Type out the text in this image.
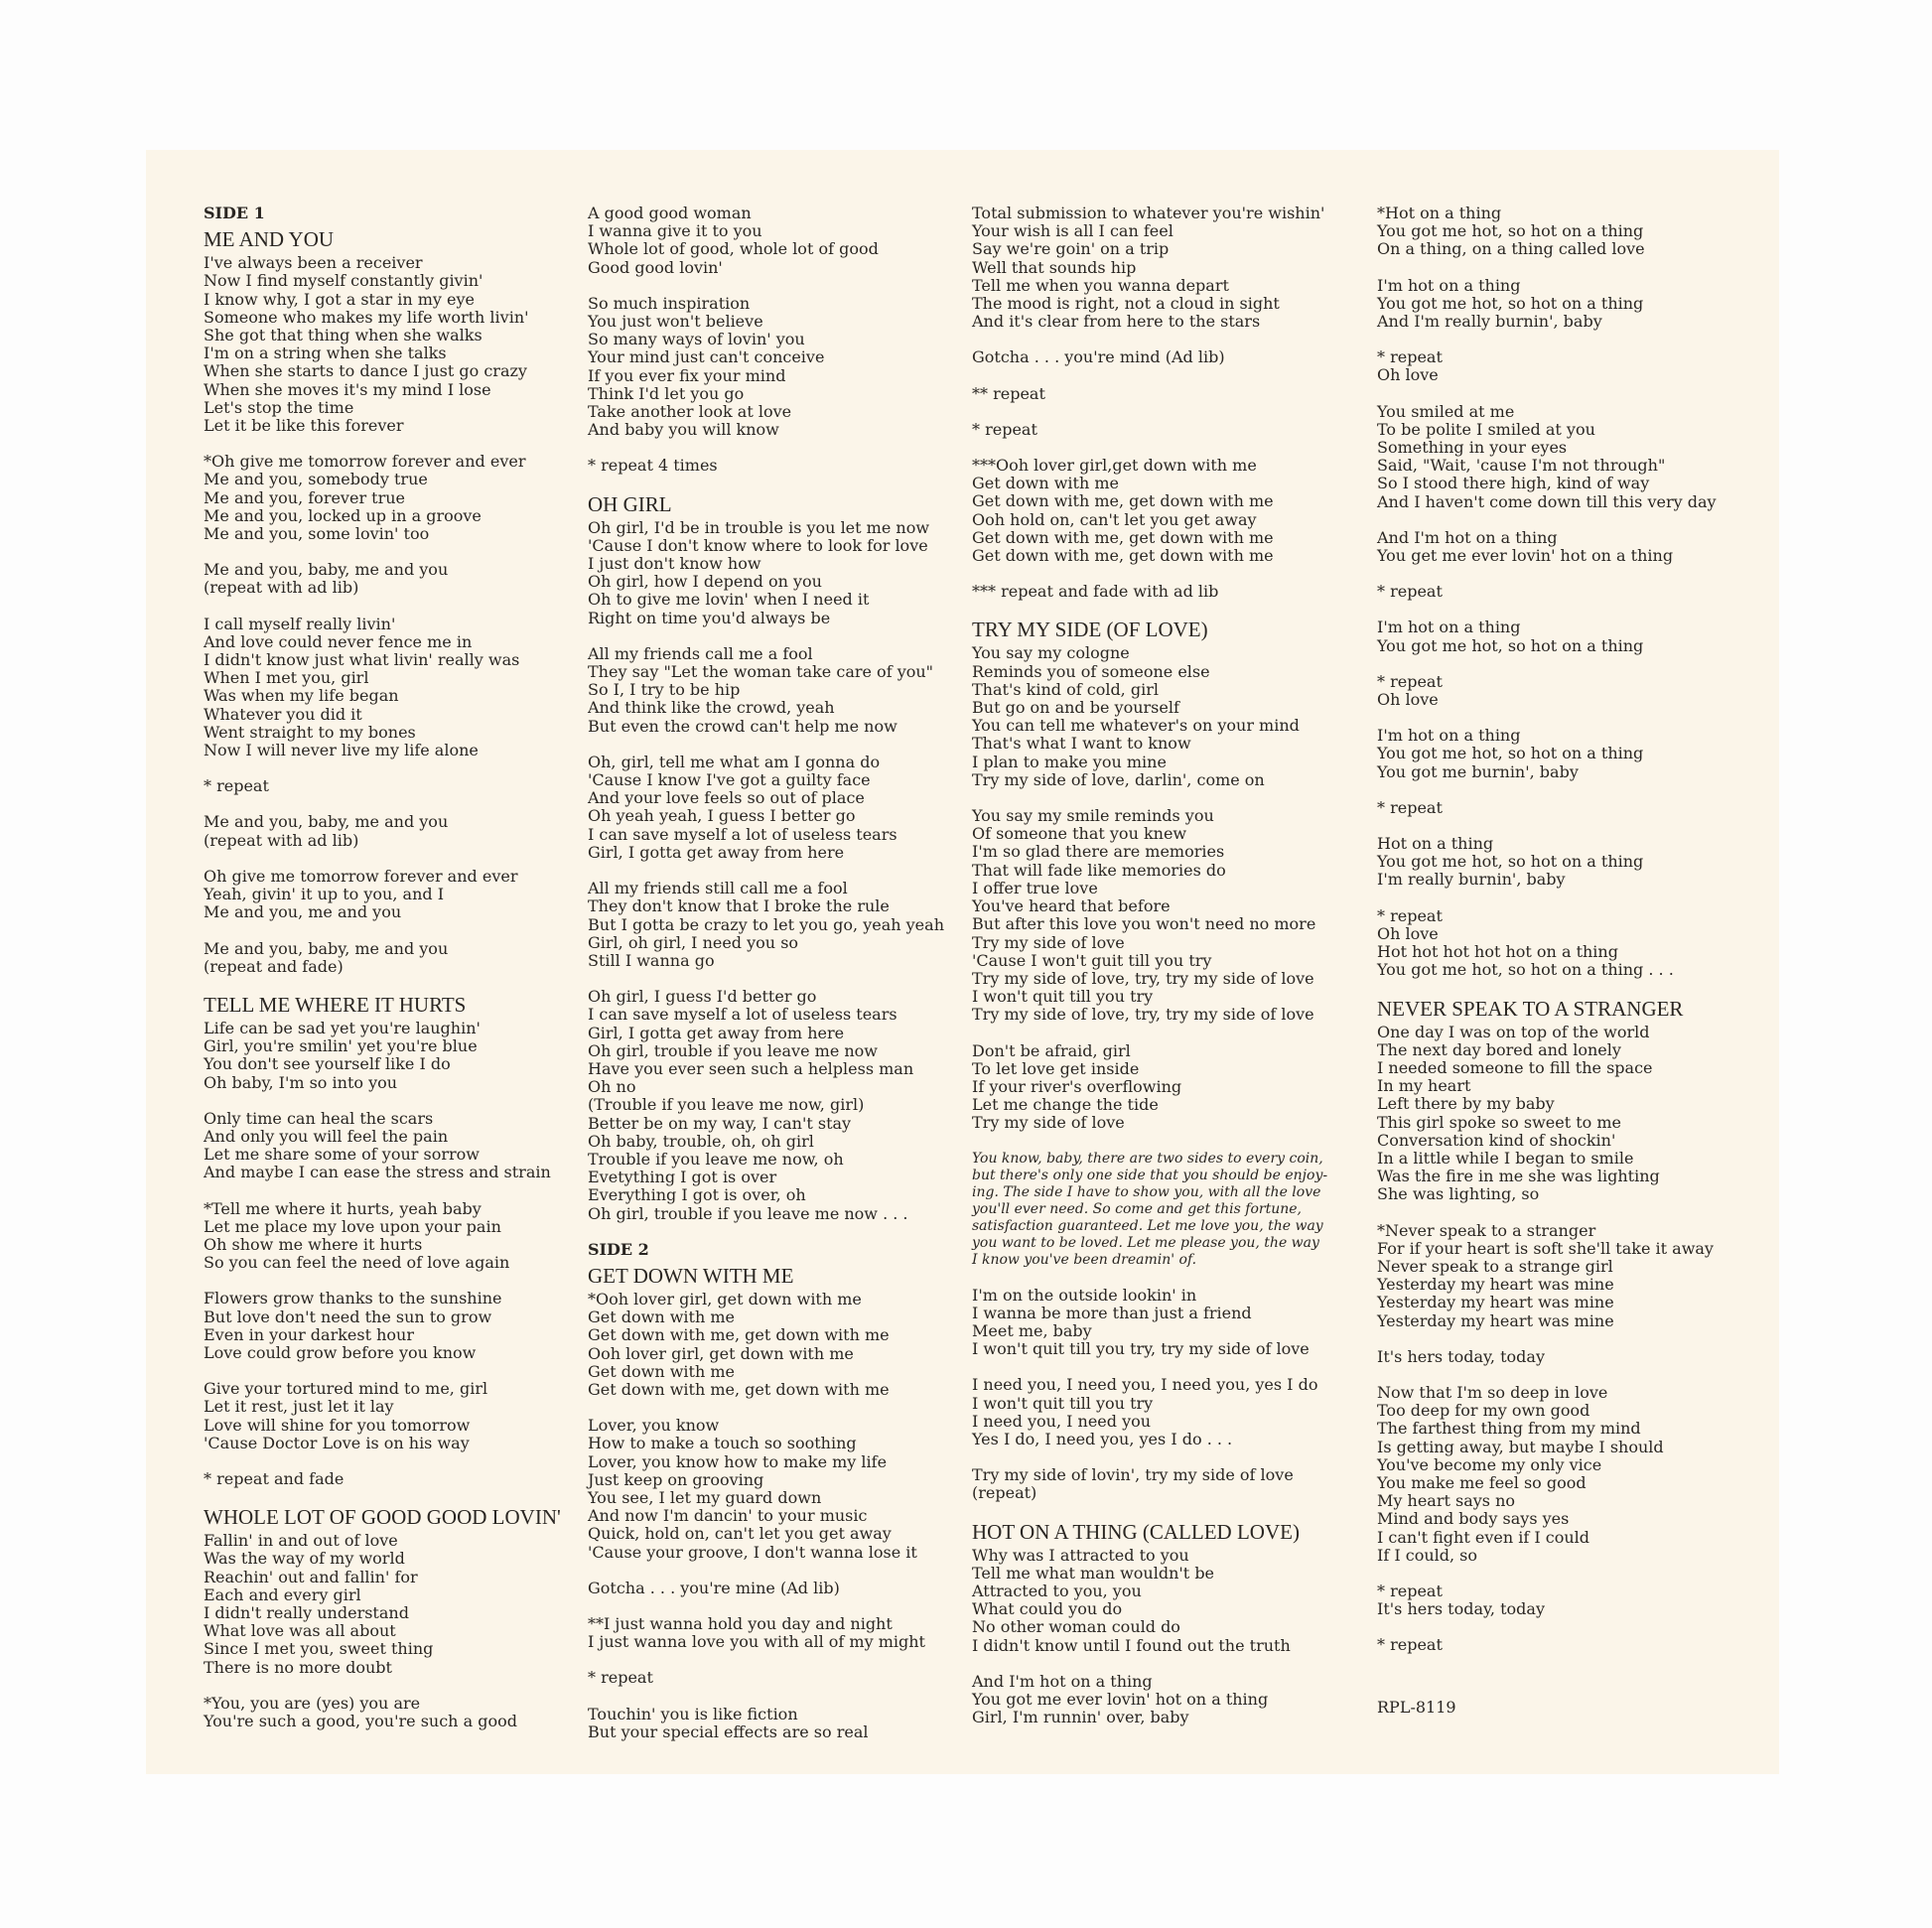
SIDE 1
ME AND YOU
I've always been a receiver
Now I find myself constantly givin'
I know why, I got a star in my eye
Someone who makes my life worth livin'
She got that thing when she walks
I'm on a string when she talks
When she starts to dance I just go crazy
When she moves it's my mind I lose
Let's stop the time
Let it be like this forever
*Oh give me tomorrow forever and ever
Me and you, somebody true
Me and you, forever true
Me and you, locked up in a groove
Me and you, some lovin' too
Me and you, baby, me and you
(repeat with ad lib)
I call myself really livin'
And love could never fence me in
I didn't know just what livin' really was
When I met you, girl
Was when my life began
Whatever you did it
Went straight to my bones
Now I will never live my life alone
* repeat
Me and you, baby, me and you
(repeat with ad lib)
Oh give me tomorrow forever and ever
Yeah, givin' it up to you, and I
Me and you, me and you
Me and you, baby, me and you
(repeat and fade)
TELL ME WHERE IT HURTS
Life can be sad yet you're laughin'
Girl, you're smilin' yet you're blue
You don't see yourself like I do
Oh baby, I'm so into you
Only time can heal the scars
And only you will feel the pain
Let me share some of your sorrow
And maybe I can ease the stress and strain
*Tell me where it hurts, yeah baby
Let me place my love upon your pain
Oh show me where it hurts
So you can feel the need of love again
Flowers grow thanks to the sunshine
But love don't need the sun to grow
Even in your darkest hour
Love could grow before you know
Give your tortured mind to me, girl
Let it rest, just let it lay
Love will shine for you tomorrow
'Cause Doctor Love is on his way
* repeat and fade
WHOLE LOT OF GOOD GOOD LOVIN'
Fallin' in and out of love
Was the way of my world
Reachin' out and fallin' for
Each and every girl
I didn't really understand
What love was all about
Since I met you, sweet thing
There is no more doubt
*You, you are (yes) you are
You're such a good, you're such a good
A good good woman
I wanna give it to you
Whole lot of good, whole lot of good
Good good lovin'
So much inspiration
You just won't believe
So many ways of lovin' you
Your mind just can't conceive
If you ever fix your mind
Think I'd let you go
Take another look at love
And baby you will know
* repeat 4 times
OH GIRL
Oh girl, I'd be in trouble is you let me now
'Cause I don't know where to look for love
I just don't know how
Oh girl, how I depend on you
Oh to give me lovin' when I need it
Right on time you'd always be
All my friends call me a fool
They say "Let the woman take care of you"
So I, I try to be hip
And think like the crowd, yeah
But even the crowd can't help me now
Oh, girl, tell me what am I gonna do
'Cause I know I've got a guilty face
And your love feels so out of place
Oh yeah yeah, I guess I better go
I can save myself a lot of useless tears
Girl, I gotta get away from here
All my friends still call me a fool
They don't know that I broke the rule
But I gotta be crazy to let you go, yeah yeah
Girl, oh girl, I need you so
Still I wanna go
Oh girl, I guess I'd better go
I can save myself a lot of useless tears
Girl, I gotta get away from here
Oh girl, trouble if you leave me now
Have you ever seen such a helpless man
Oh no
(Trouble if you leave me now, girl)
Better be on my way, I can't stay
Oh baby, trouble, oh, oh girl
Trouble if you leave me now, oh
Evetything I got is over
Everything I got is over, oh
Oh girl, trouble if you leave me now . . .
SIDE 2
GET DOWN WITH ME
*Ooh lover girl, get down with me
Get down with me
Get down with me, get down with me
Ooh lover girl, get down with me
Get down with me
Get down with me, get down with me
Lover, you know
How to make a touch so soothing
Lover, you know how to make my life
Just keep on grooving
You see, I let my guard down
And now I'm dancin' to your music
Quick, hold on, can't let you get away
'Cause your groove, I don't wanna lose it
Gotcha . . . you're mine (Ad lib)
**I just wanna hold you day and night
I just wanna love you with all of my might
* repeat
Touchin' you is like fiction
But your special effects are so real
Total submission to whatever you're wishin'
Your wish is all I can feel
Say we're goin' on a trip
Well that sounds hip
Tell me when you wanna depart
The mood is right, not a cloud in sight
And it's clear from here to the stars
Gotcha . . . you're mind (Ad lib)
** repeat
* repeat
***Ooh lover girl,get down with me
Get down with me
Get down with me, get down with me
Ooh hold on, can't let you get away
Get down with me, get down with me
Get down with me, get down with me
*** repeat and fade with ad lib
TRY MY SIDE (OF LOVE)
You say my cologne
Reminds you of someone else
That's kind of cold, girl
But go on and be yourself
You can tell me whatever's on your mind
That's what I want to know
I plan to make you mine
Try my side of love, darlin', come on
You say my smile reminds you
Of someone that you knew
I'm so glad there are memories
That will fade like memories do
I offer true love
You've heard that before
But after this love you won't need no more
Try my side of love
'Cause I won't guit till you try
Try my side of love, try, try my side of love
I won't quit till you try
Try my side of love, try, try my side of love
Don't be afraid, girl
To let love get inside
If your river's overflowing
Let me change the tide
Try my side of love
You know, baby, there are two sides to every coin,
but there's only one side that you should be enjoy-
ing. The side I have to show you, with all the love
you'll ever need. So come and get this fortune,
satisfaction guaranteed. Let me love you, the way
you want to be loved. Let me please you, the way
I know you've been dreamin' of.
I'm on the outside lookin' in
I wanna be more than just a friend
Meet me, baby
I won't quit till you try, try my side of love
I need you, I need you, I need you, yes I do
I won't quit till you try
I need you, I need you
Yes I do, I need you, yes I do . . .
Try my side of lovin', try my side of love
(repeat)
HOT ON A THING (CALLED LOVE)
Why was I attracted to you
Tell me what man wouldn't be
Attracted to you, you
What could you do
No other woman could do
I didn't know until I found out the truth
And I'm hot on a thing
You got me ever lovin' hot on a thing
Girl, I'm runnin' over, baby
*Hot on a thing
You got me hot, so hot on a thing
On a thing, on a thing called love
I'm hot on a thing
You got me hot, so hot on a thing
And I'm really burnin', baby
* repeat
Oh love
You smiled at me
To be polite I smiled at you
Something in your eyes
Said, "Wait, 'cause I'm not through"
So I stood there high, kind of way
And I haven't come down till this very day
And I'm hot on a thing
You get me ever lovin' hot on a thing
* repeat
I'm hot on a thing
You got me hot, so hot on a thing
* repeat
Oh love
I'm hot on a thing
You got me hot, so hot on a thing
You got me burnin', baby
* repeat
Hot on a thing
You got me hot, so hot on a thing
I'm really burnin', baby
* repeat
Oh love
Hot hot hot hot hot on a thing
You got me hot, so hot on a thing . . .
NEVER SPEAK TO A STRANGER
One day I was on top of the world
The next day bored and lonely
I needed someone to fill the space
In my heart
Left there by my baby
This girl spoke so sweet to me
Conversation kind of shockin'
In a little while I began to smile
Was the fire in me she was lighting
She was lighting, so
*Never speak to a stranger
For if your heart is soft she'll take it away
Never speak to a strange girl
Yesterday my heart was mine
Yesterday my heart was mine
Yesterday my heart was mine
It's hers today, today
Now that I'm so deep in love
Too deep for my own good
The farthest thing from my mind
Is getting away, but maybe I should
You've become my only vice
You make me feel so good
My heart says no
Mind and body says yes
I can't fight even if I could
If I could, so
* repeat
It's hers today, today
* repeat
RPL-8119
